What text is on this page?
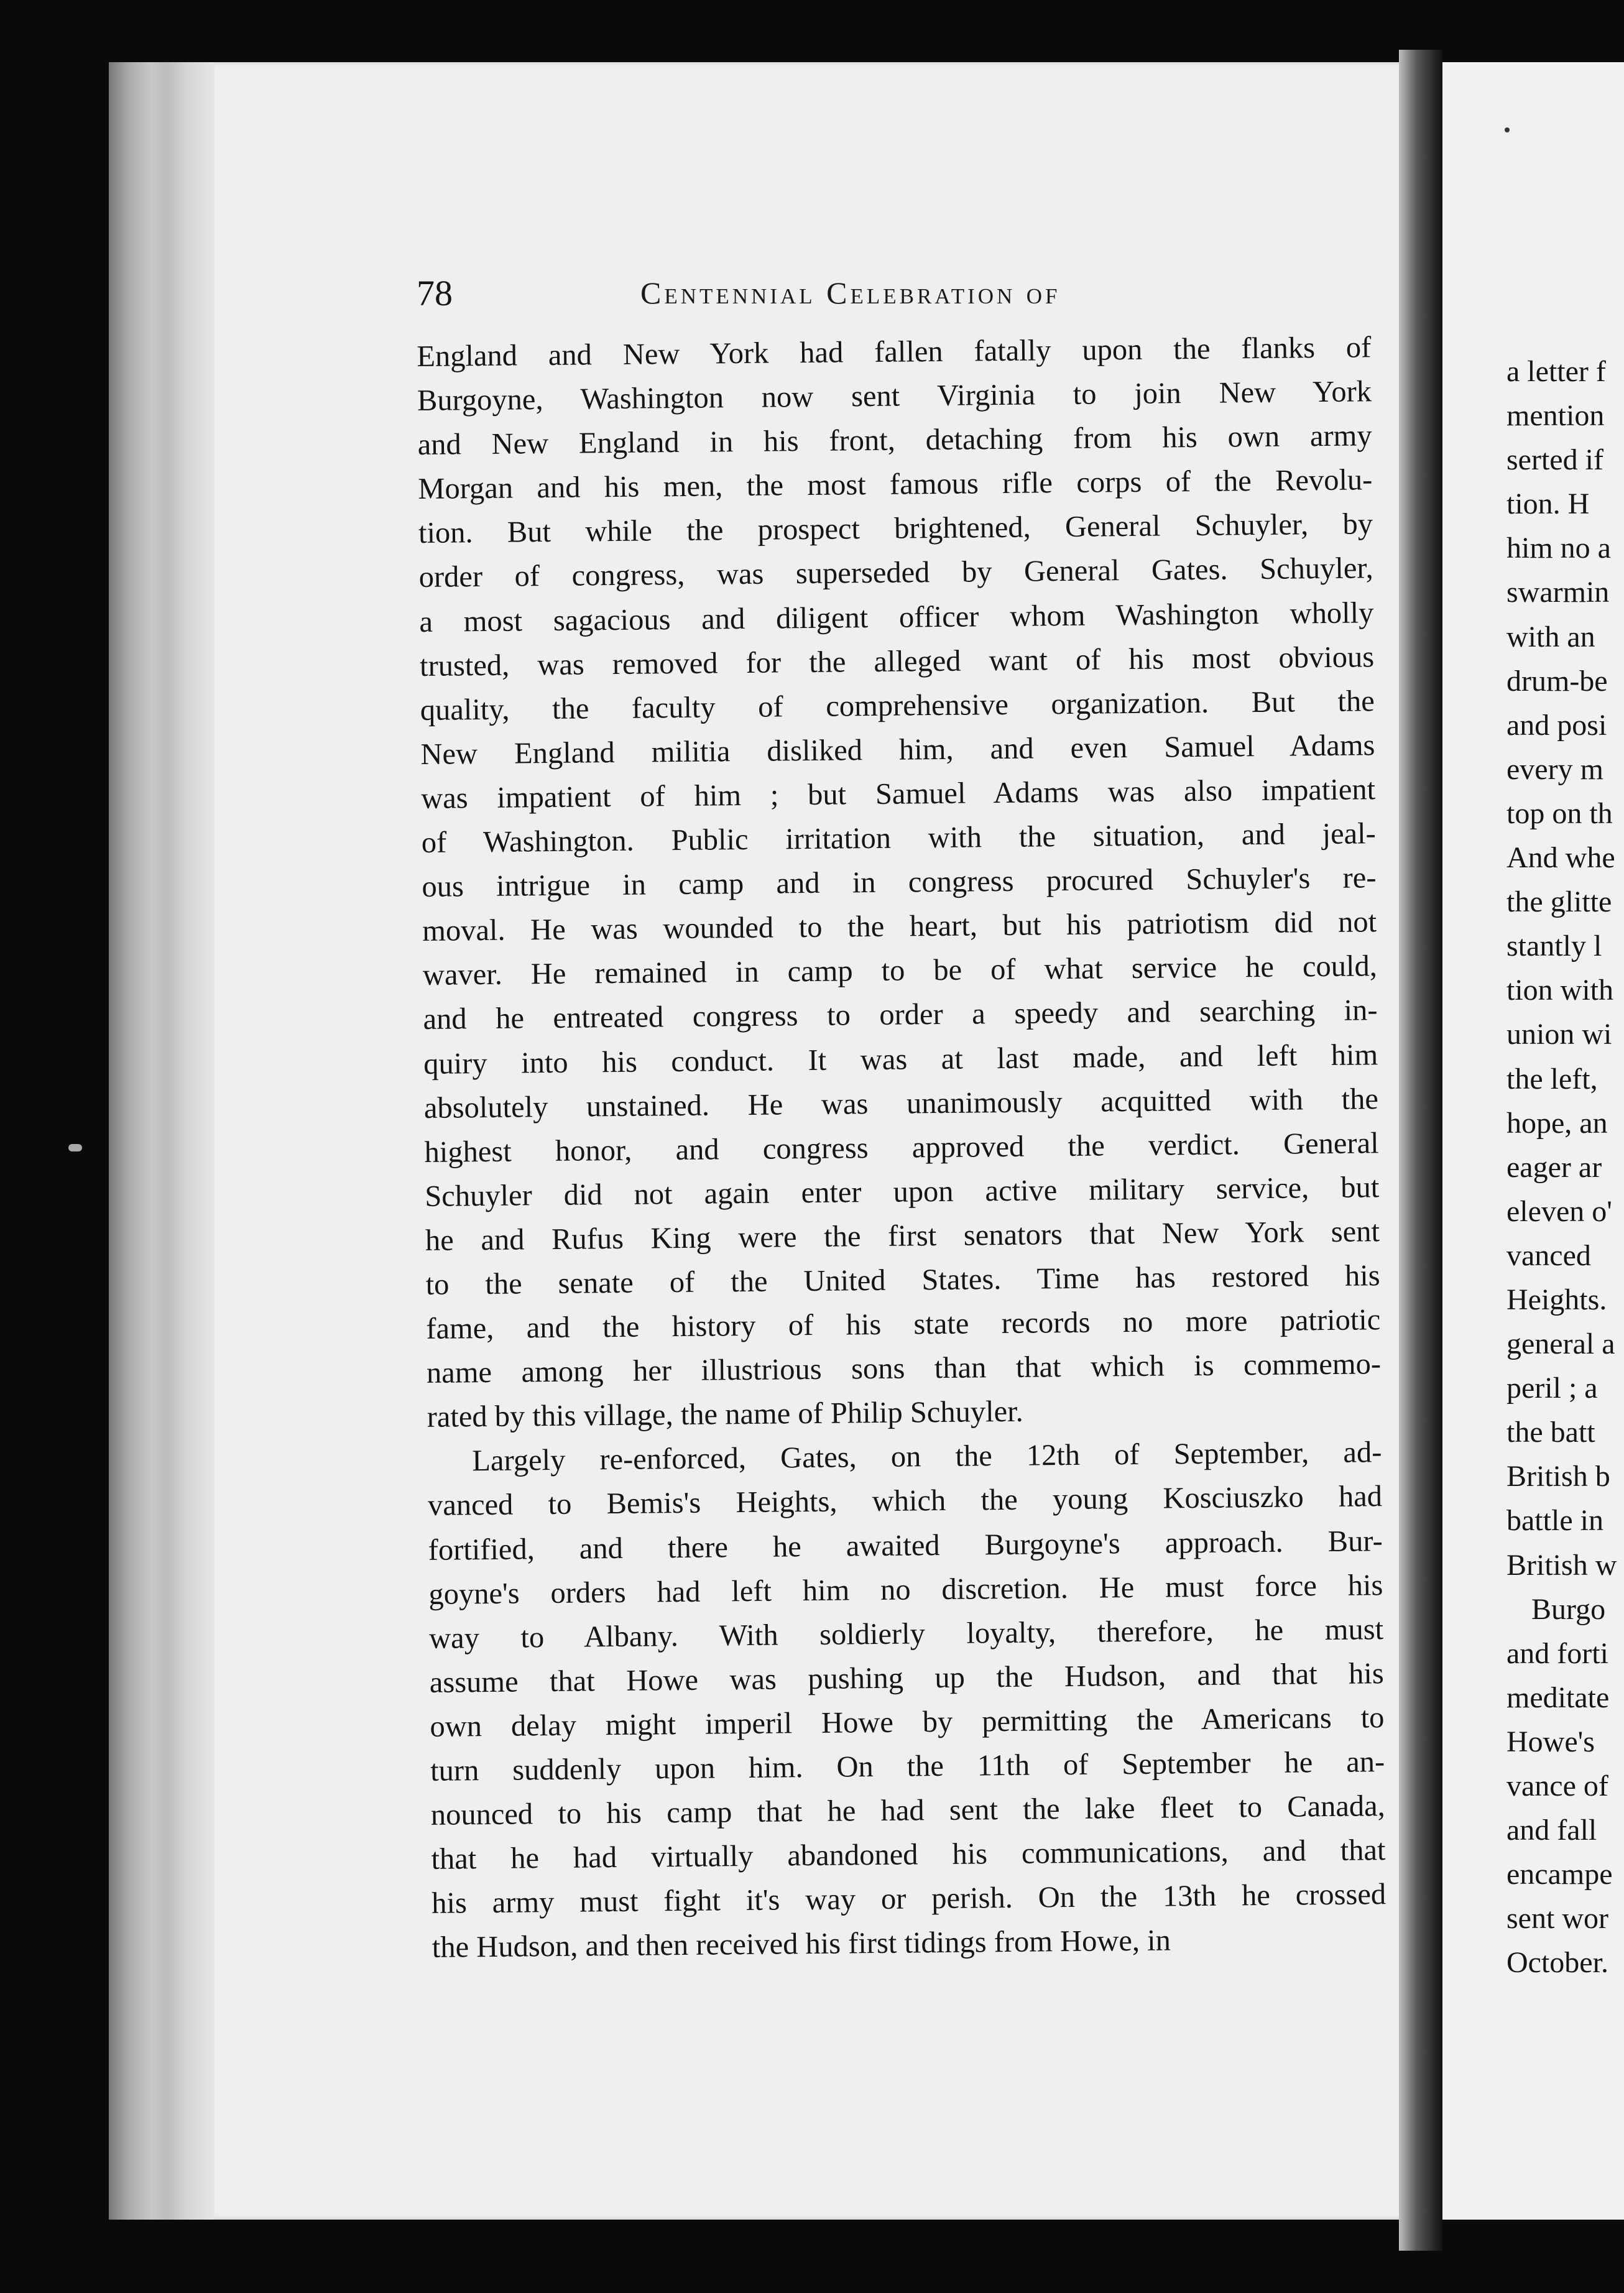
78	Centennial Celebration of
England and New York had fallen fatally upon the flanks of
Burgoyne, Washington now sent Virginia to join New York
and New England in his front, detaching from his own army
Morgan and his men, the most famous rifle corps of the Revolu-
tion. But while the prospect brightened, General Schuyler, by
order of congress, was superseded by General Gates. Schuyler,
a most sagacious and diligent officer whom Washington wholly
trusted, was removed for the alleged want of his most obvious
quality, the faculty of comprehensive organization. But the
New England militia disliked him, and even Samuel Adams
was impatient of him ; but Samuel Adams was also impatient
of Washington. Public irritation with the situation, and jeal-
ous intrigue in camp and in congress procured Schuyler's re-
moval. He was wounded to the heart, but his patriotism did not
waver. He remained in camp to be of what service he could,
and he entreated congress to order a speedy and searching in-
quiry into his conduct. It was at last made, and left him
absolutely unstained. He was unanimously acquitted with the
highest honor, and congress approved the verdict. General
Schuyler did not again enter upon active military service, but
he and Rufus King were the first senators that New York sent
to the senate of the United States. Time has restored his
fame, and the history of his state records no more patriotic
name among her illustrious sons than that which is commemo-
rated by this village, the name of Philip Schuyler.
Largely re-enforced, Gates, on the 12th of September, ad-
vanced to Bemis's Heights, which the young Kosciuszko had
fortified, and there he awaited Burgoyne's approach. Bur-
goyne's orders had left him no discretion. He must force his
way to Albany. With soldierly loyalty, therefore, he must
assume that Howe was pushing up the Hudson, and that his
own delay might imperil Howe by permitting the Americans to
turn suddenly upon him. On the 11th of September he an-
nounced to his camp that he had sent the lake fleet to Canada,
that he had virtually abandoned his communications, and that
his army must fight it's way or perish. On the 13th he crossed
the Hudson, and then received his first tidings from Howe, in
a letter f
mention
serted if
tion. H
him no a
swarmin
with an
drum-be
and posi
every m
top on th
And whe
the glitte
stantly l
tion with
union wi
the left,
hope, an
eager ar
eleven o'
vanced
Heights.
general a
peril ; a
the batt
British b
battle in
British w
Burgo
and forti
meditate
Howe's
vance of
and fall
encampe
sent wor
October.
